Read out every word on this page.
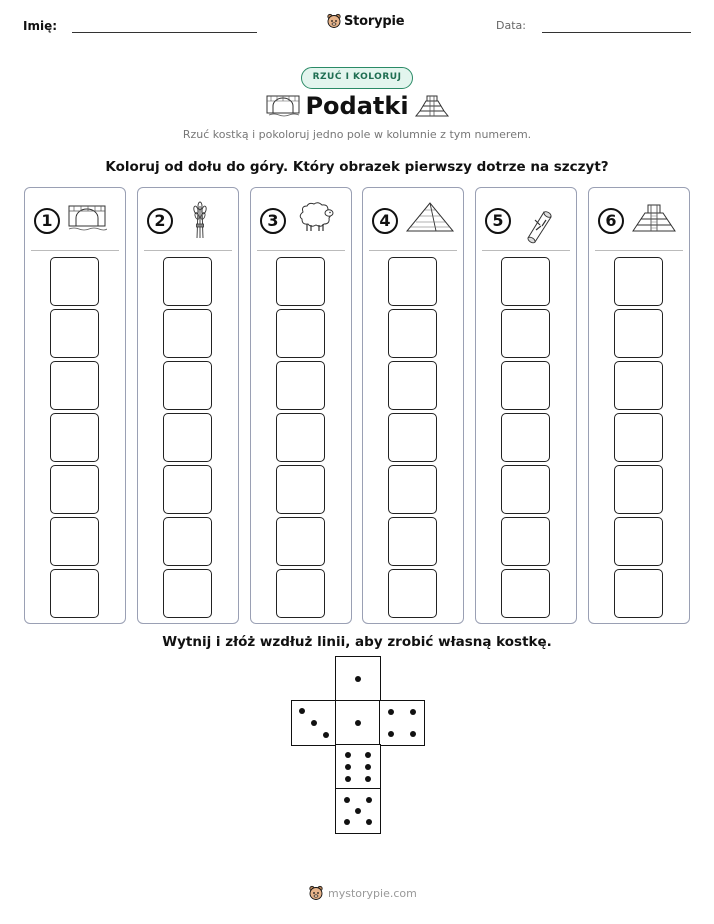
Imię:	Storypie	Data:
RZUĆ I KOLORUJ
Podatki
Rzuć kostką i pokoloruj jedno pole w kolumnie z tym numerem.
Koloruj od dołu do góry. Który obrazek pierwszy dotrze na szczyt?
1	2	3	4	5	6
Wytnij i złóż wzdłuż linii, aby zrobić własną kostkę.
mystorypie.com
